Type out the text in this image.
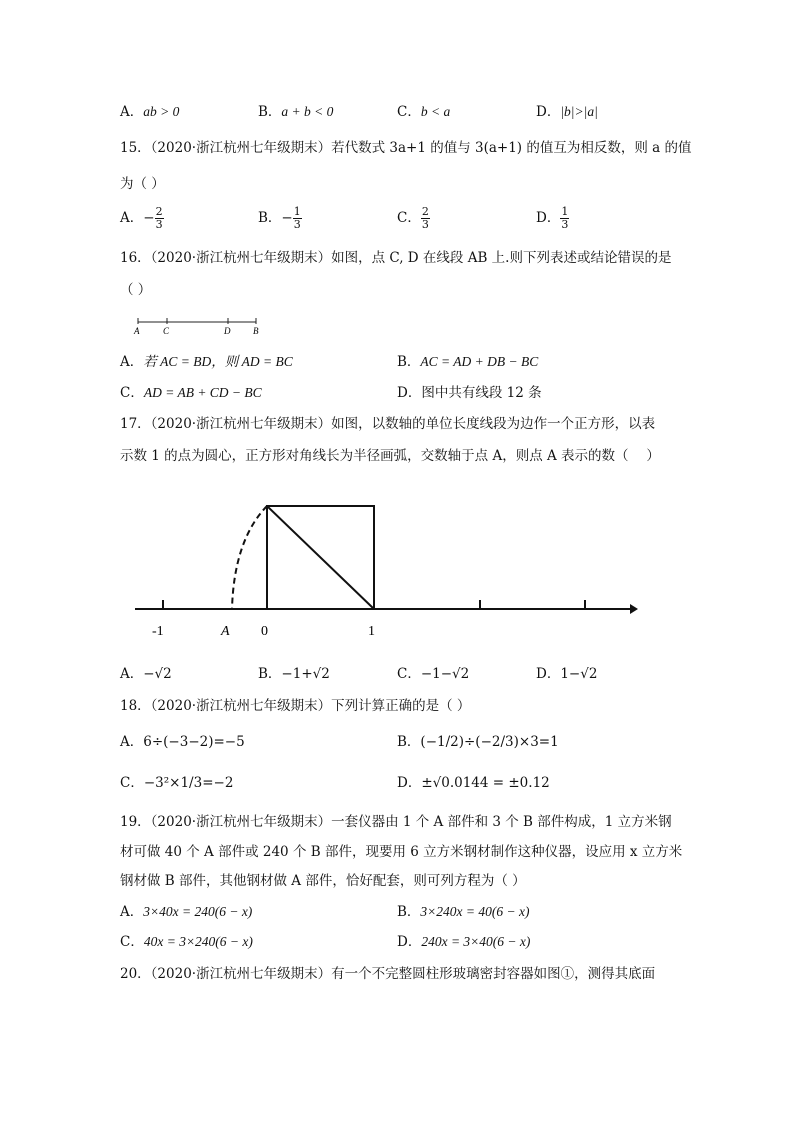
A．ab > 0	B．a + b < 0	C．b < a	D．|b|>|a|
15．（2020·浙江杭州七年级期末）若代数式 3a+1 的值与 3(a+1) 的值互为相反数，则 a 的值
为（ ）
A．− $\frac{2}{3}$	B．− $\frac{1}{3}$	C． $\frac{2}{3}$	D． $\frac{1}{3}$
16．（2020·浙江杭州七年级期末）如图，点 C, D 在线段 AB 上.则下列表述或结论错误的是
（ ）
A	C	D	B
A．若 AC = BD，则 AD = BC	B．AC = AD + DB − BC
C．AD = AB + CD − BC	D．图中共有线段 12 条
17．（2020·浙江杭州七年级期末）如图，以数轴的单位长度线段为边作一个正方形，以表
示数 1 的点为圆心，正方形对角线长为半径画弧，交数轴于点 A，则点 A 表示的数（　 ）
-1	A 0	1
A．−√2	B．−1+√2	C．−1−√2	D．1−√2
18．（2020·浙江杭州七年级期末）下列计算正确的是（ ）
A．6÷(−3−2)=−5	B．(−1/2)÷(−2/3)×3=1
C．−3²×1/3=−2	D．±√0.0144 = ±0.12
19．（2020·浙江杭州七年级期末）一套仪器由 1 个 A 部件和 3 个 B 部件构成，1 立方米钢
材可做 40 个 A 部件或 240 个 B 部件，现要用 6 立方米钢材制作这种仪器，设应用 x 立方米
钢材做 B 部件，其他钢材做 A 部件，恰好配套，则可列方程为（ ）
A．3×40x = 240(6 − x)	B．3×240x = 40(6 − x)
C．40x = 3×240(6 − x)	D．240x = 3×40(6 − x)
20．（2020·浙江杭州七年级期末）有一个不完整圆柱形玻璃密封容器如图①，测得其底面
